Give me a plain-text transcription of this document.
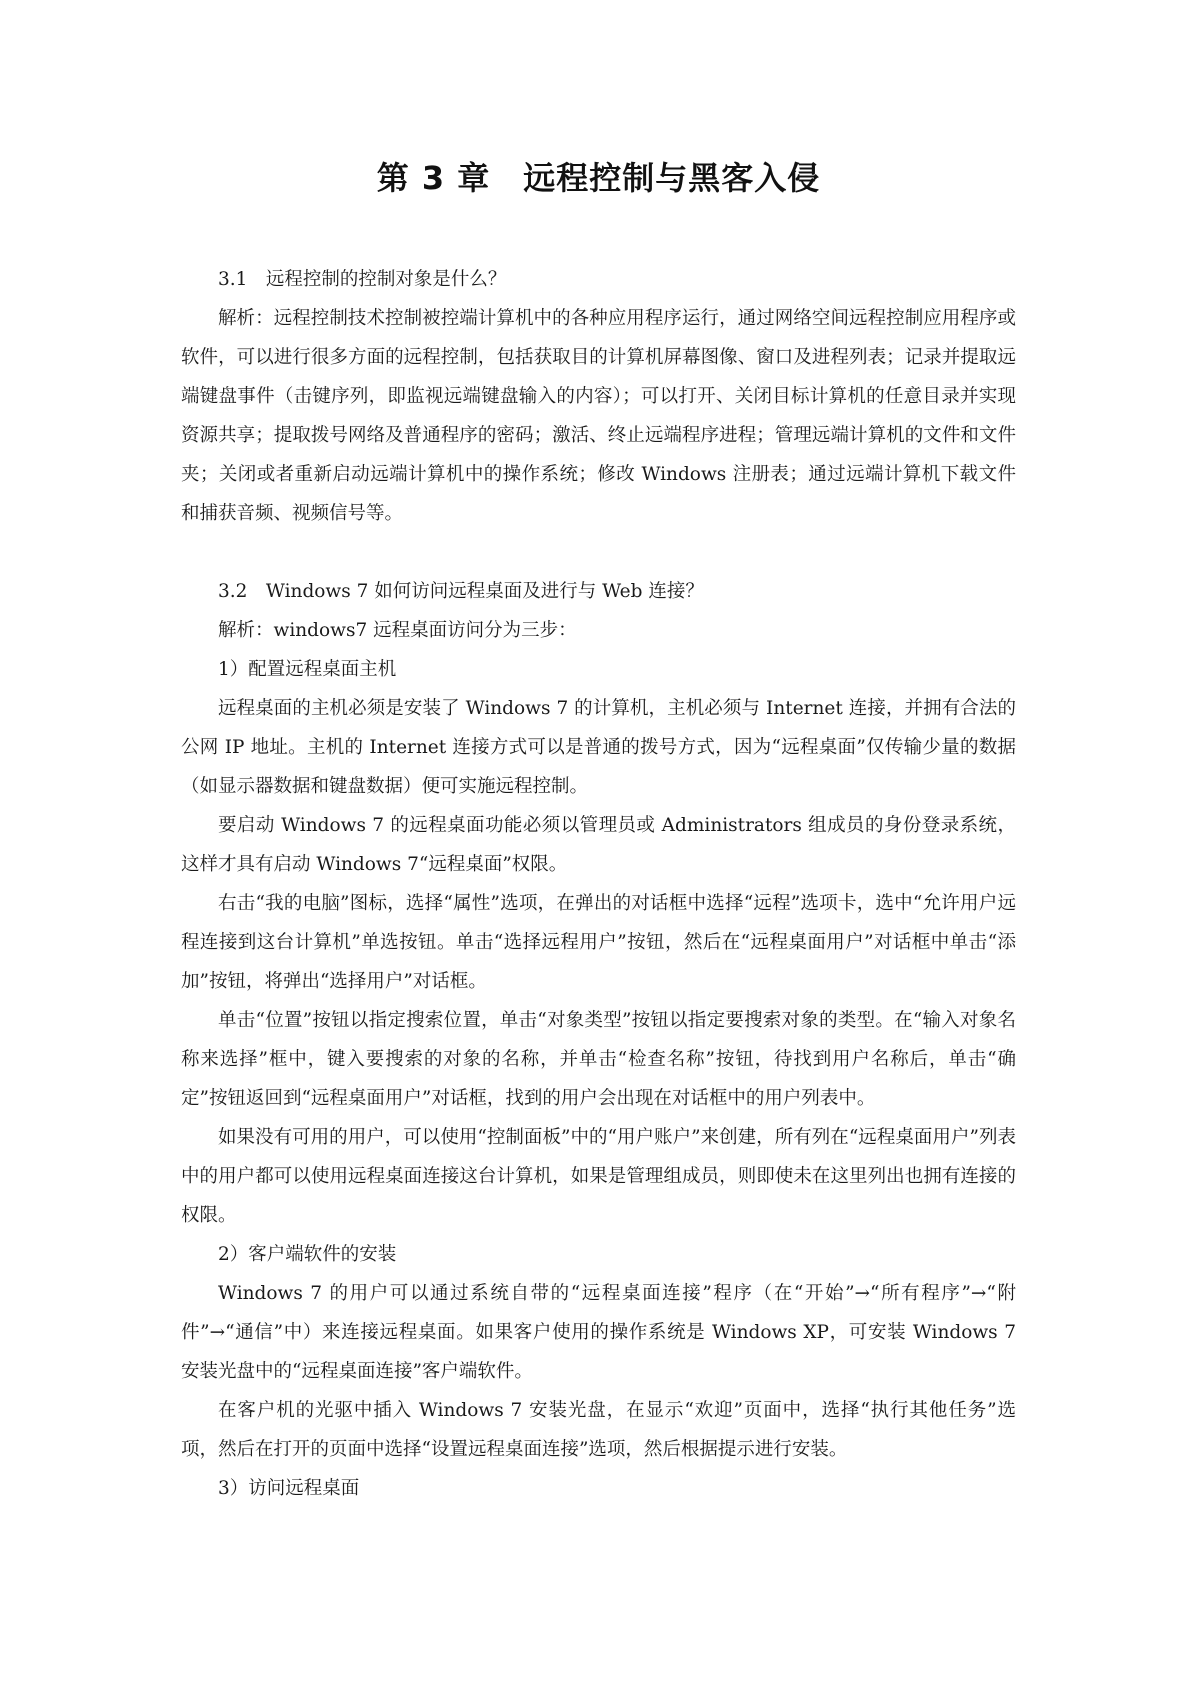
第 3 章　远程控制与黑客入侵

3.1　远程控制的控制对象是什么？

解析：远程控制技术控制被控端计算机中的各种应用程序运行，通过网络空间远程控制应用程序或软件，可以进行很多方面的远程控制，包括获取目的计算机屏幕图像、窗口及进程列表；记录并提取远端键盘事件（击键序列，即监视远端键盘输入的内容）；可以打开、关闭目标计算机的任意目录并实现资源共享；提取拨号网络及普通程序的密码；激活、终止远端程序进程；管理远端计算机的文件和文件夹；关闭或者重新启动远端计算机中的操作系统；修改 Windows 注册表；通过远端计算机下载文件和捕获音频、视频信号等。

3.2　Windows 7 如何访问远程桌面及进行与 Web 连接？

解析：windows7 远程桌面访问分为三步：

1）配置远程桌面主机

远程桌面的主机必须是安装了 Windows 7 的计算机，主机必须与 Internet 连接，并拥有合法的公网 IP 地址。主机的 Internet 连接方式可以是普通的拨号方式，因为“远程桌面”仅传输少量的数据（如显示器数据和键盘数据）便可实施远程控制。

要启动 Windows 7 的远程桌面功能必须以管理员或 Administrators 组成员的身份登录系统，这样才具有启动 Windows 7“远程桌面”权限。

右击“我的电脑”图标，选择“属性”选项，在弹出的对话框中选择“远程”选项卡，选中“允许用户远程连接到这台计算机”单选按钮。单击“选择远程用户”按钮，然后在“远程桌面用户”对话框中单击“添加”按钮，将弹出“选择用户”对话框。

单击“位置”按钮以指定搜索位置，单击“对象类型”按钮以指定要搜索对象的类型。在“输入对象名称来选择”框中，键入要搜索的对象的名称，并单击“检查名称”按钮，待找到用户名称后，单击“确定”按钮返回到“远程桌面用户”对话框，找到的用户会出现在对话框中的用户列表中。

如果没有可用的用户，可以使用“控制面板”中的“用户账户”来创建，所有列在“远程桌面用户”列表中的用户都可以使用远程桌面连接这台计算机，如果是管理组成员，则即使未在这里列出也拥有连接的权限。

2）客户端软件的安装

Windows 7 的用户可以通过系统自带的“远程桌面连接”程序（在“开始”→“所有程序”→“附件”→“通信”中）来连接远程桌面。如果客户使用的操作系统是 Windows XP，可安装 Windows 7 安装光盘中的“远程桌面连接”客户端软件。

在客户机的光驱中插入 Windows 7 安装光盘，在显示“欢迎”页面中，选择“执行其他任务”选项，然后在打开的页面中选择“设置远程桌面连接”选项，然后根据提示进行安装。

3）访问远程桌面
